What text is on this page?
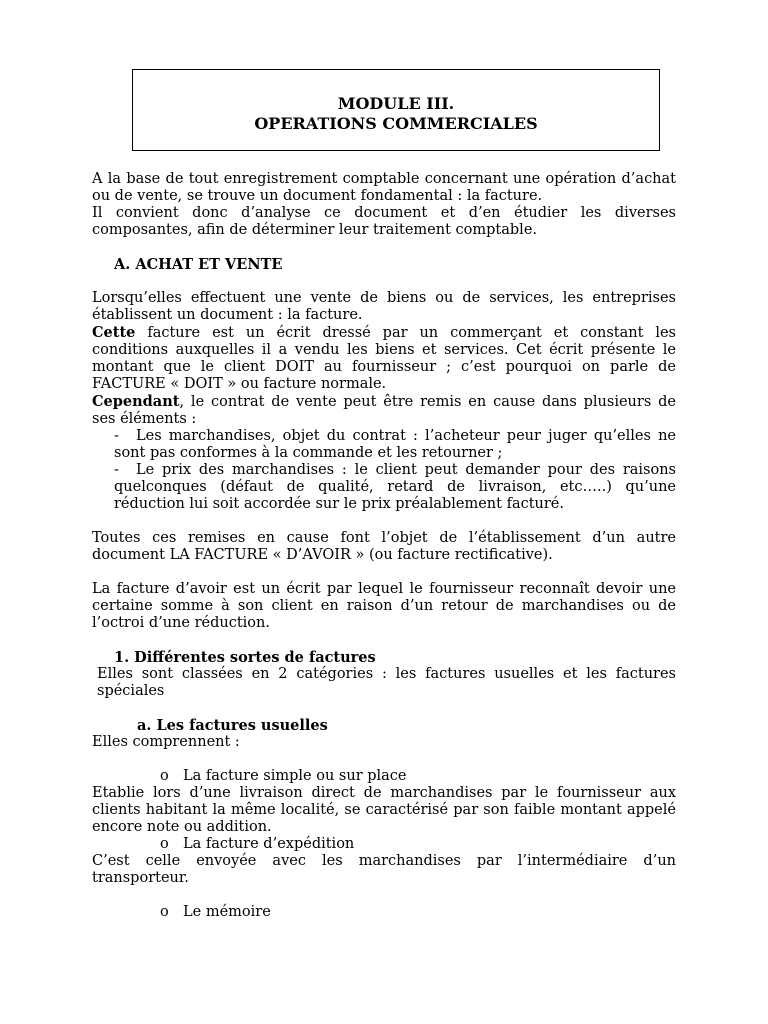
MODULE III.
OPERATIONS COMMERCIALES

A la base de tout enregistrement comptable concernant une opération d’achat ou de vente, se trouve un document fondamental : la facture.

Il convient donc d’analyse ce document et d’en étudier les diverses composantes, afin de déterminer leur traitement comptable.

A. ACHAT ET VENTE

Lorsqu’elles effectuent une vente de biens ou de services, les entreprises établissent un document : la facture.

Cette facture est un écrit dressé par un commerçant et constant les conditions auxquelles il a vendu les biens et services. Cet écrit présente le montant que le client DOIT au fournisseur ; c’est pourquoi on parle de FACTURE « DOIT » ou facture normale.

Cependant, le contrat de vente peut être remis en cause dans plusieurs de ses éléments :

- Les marchandises, objet du contrat : l’acheteur peur juger qu’elles ne sont pas conformes à la commande et les retourner ;

- Le prix des marchandises : le client peut demander pour des raisons quelconques (défaut de qualité, retard de livraison, etc…..) qu’une réduction lui soit accordée sur le prix préalablement facturé.

Toutes ces remises en cause font l’objet de l’établissement d’un autre document LA FACTURE « D’AVOIR » (ou facture rectificative).

La facture d’avoir est un écrit par lequel le fournisseur reconnaît devoir une certaine somme à son client en raison d’un retour de marchandises ou de l’octroi d’une réduction.

1. Différentes sortes de factures

Elles sont classées en 2 catégories : les factures usuelles et les factures spéciales

a. Les factures usuelles

Elles comprennent :

o La facture simple ou sur place

Etablie lors d’une livraison direct de marchandises par le fournisseur aux clients habitant la même localité, se caractérisé par son faible montant appelé encore note ou addition.

o La facture d’expédition

C’est celle envoyée avec les marchandises par l’intermédiaire d’un transporteur.

o Le mémoire
